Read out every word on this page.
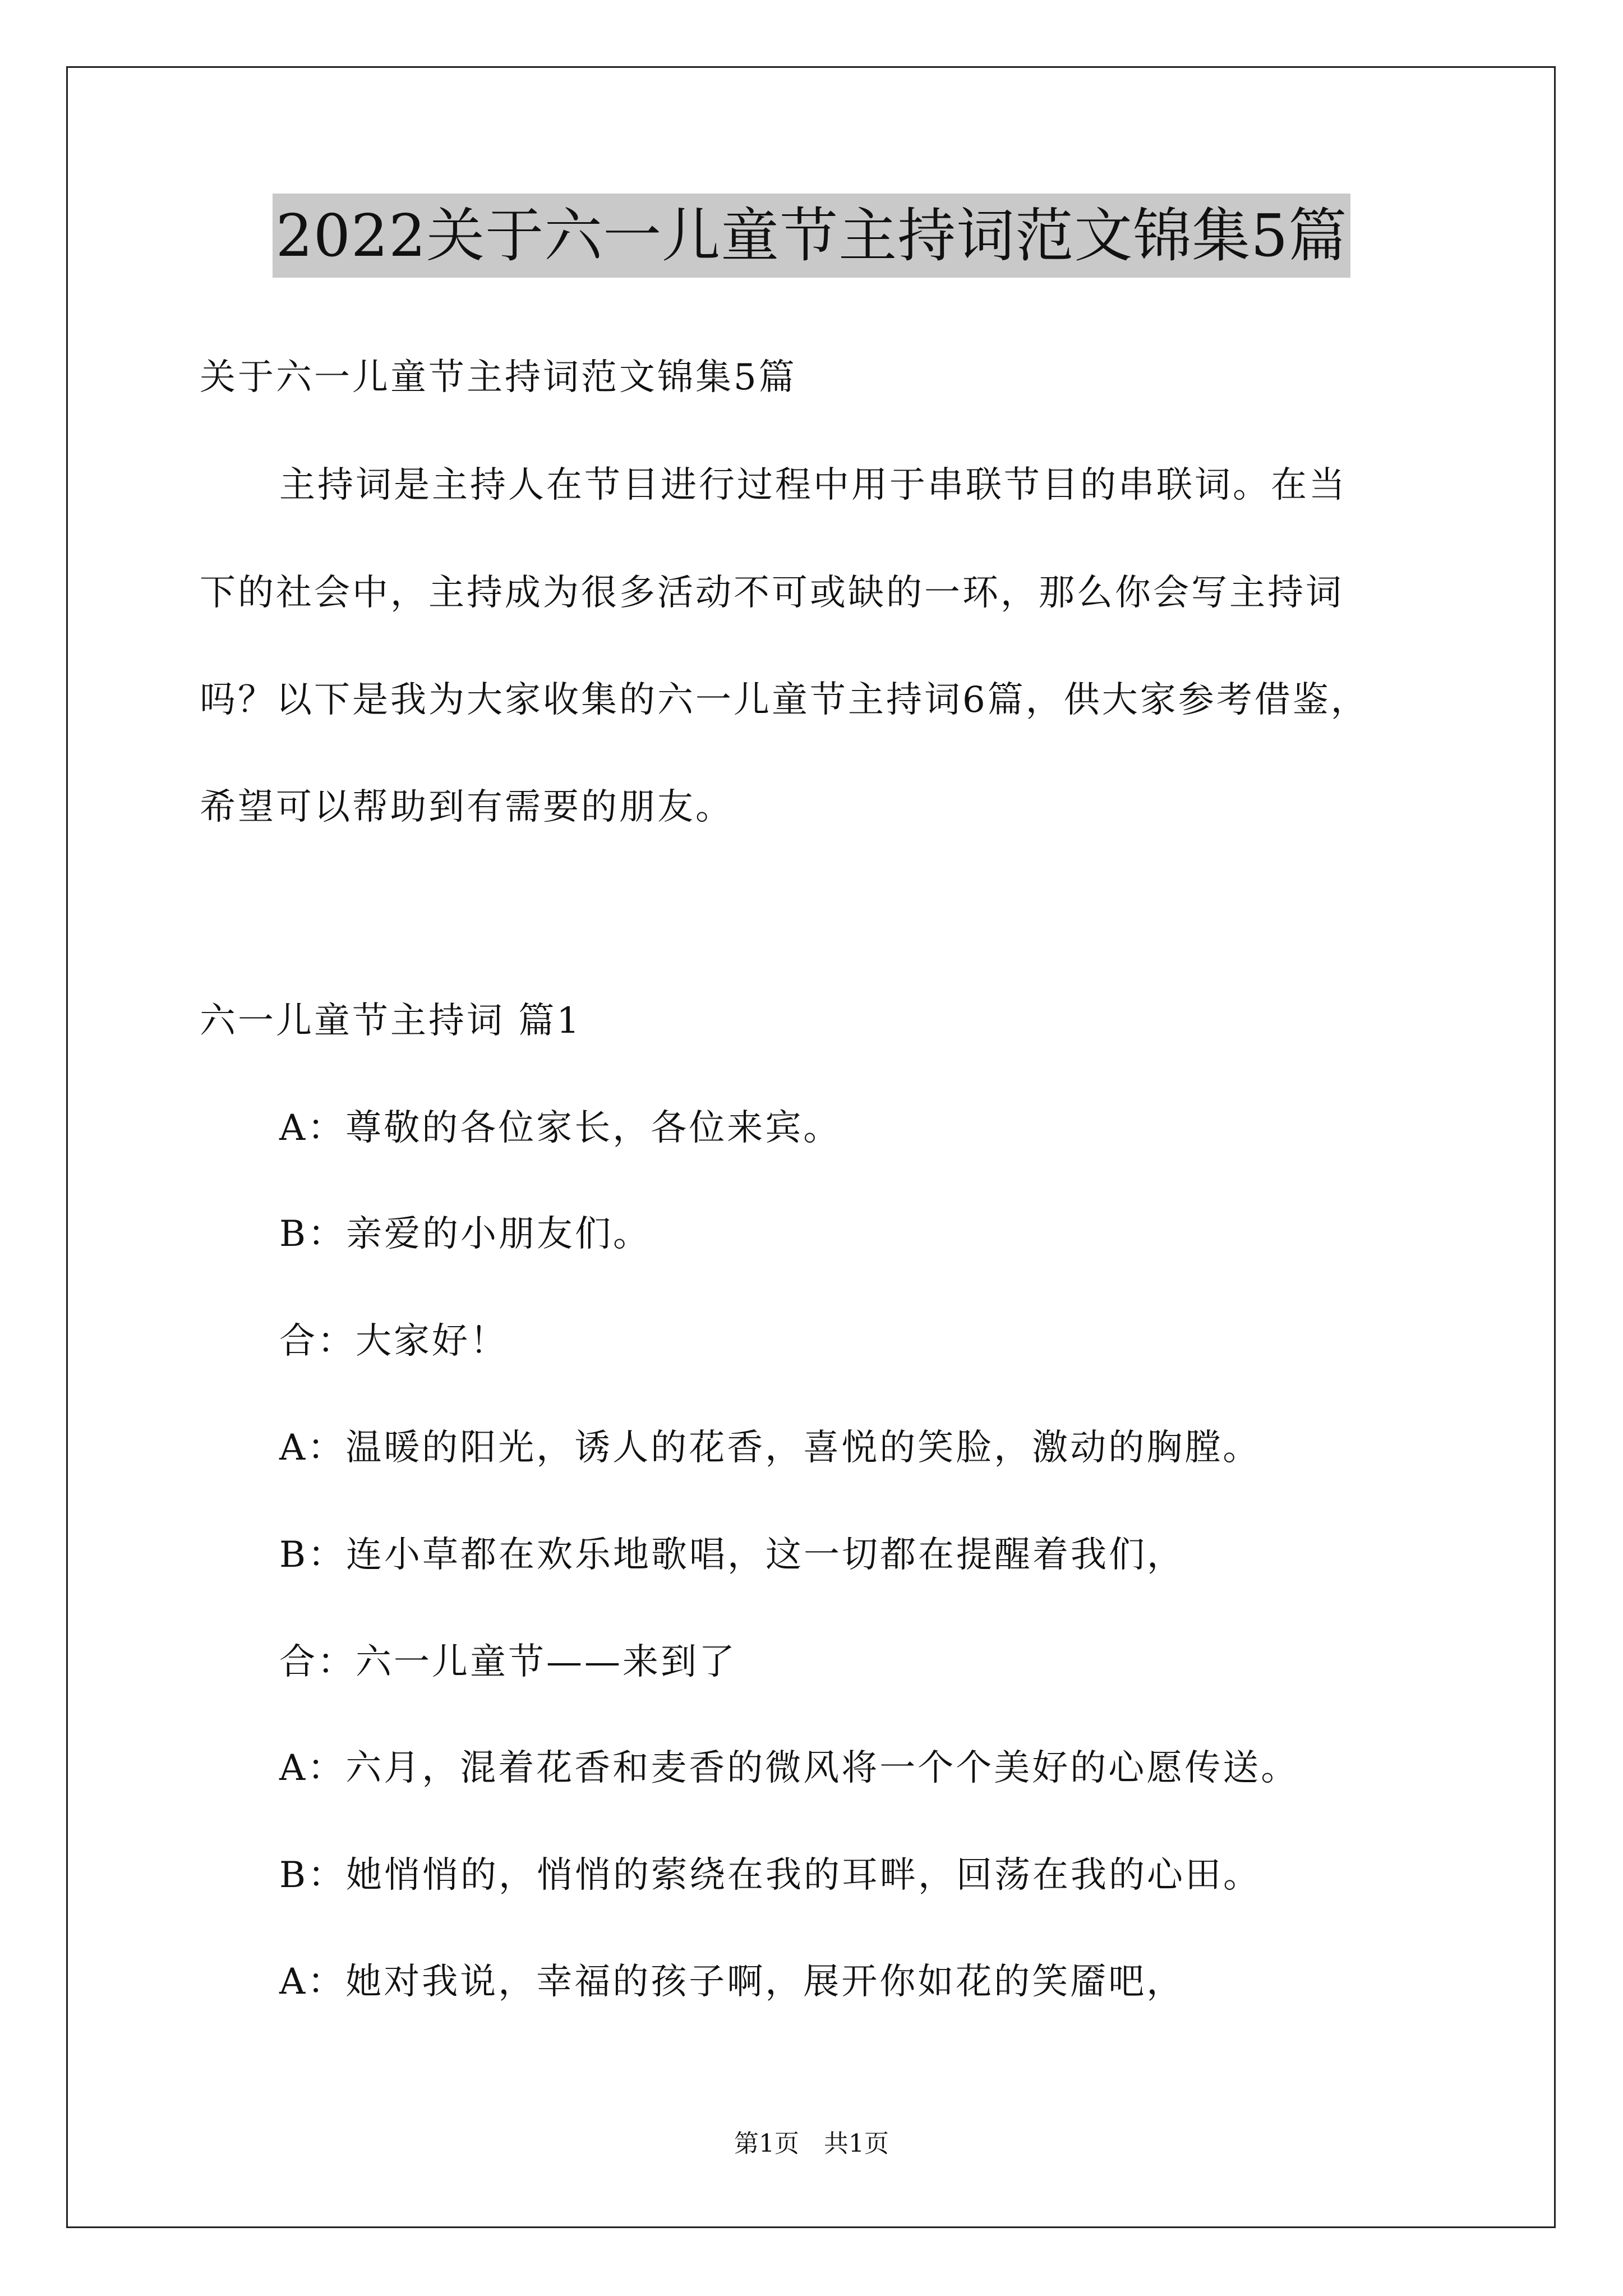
2022关于六一儿童节主持词范文锦集5篇
关于六一儿童节主持词范文锦集5篇
主持词是主持人在节目进行过程中用于串联节目的串联词。在当
下的社会中，主持成为很多活动不可或缺的一环，那么你会写主持词
吗？以下是我为大家收集的六一儿童节主持词6篇，供大家参考借鉴，
希望可以帮助到有需要的朋友。
六一儿童节主持词 篇1
A：尊敬的各位家长，各位来宾。
B：亲爱的小朋友们。
合：大家好！
A：温暖的阳光，诱人的花香，喜悦的笑脸，激动的胸膛。
B：连小草都在欢乐地歌唱，这一切都在提醒着我们，
合：六一儿童节——来到了
A：六月，混着花香和麦香的微风将一个个美好的心愿传送。
B：她悄悄的，悄悄的萦绕在我的耳畔，回荡在我的心田。
A：她对我说，幸福的孩子啊，展开你如花的笑靥吧，
第1页　共1页
